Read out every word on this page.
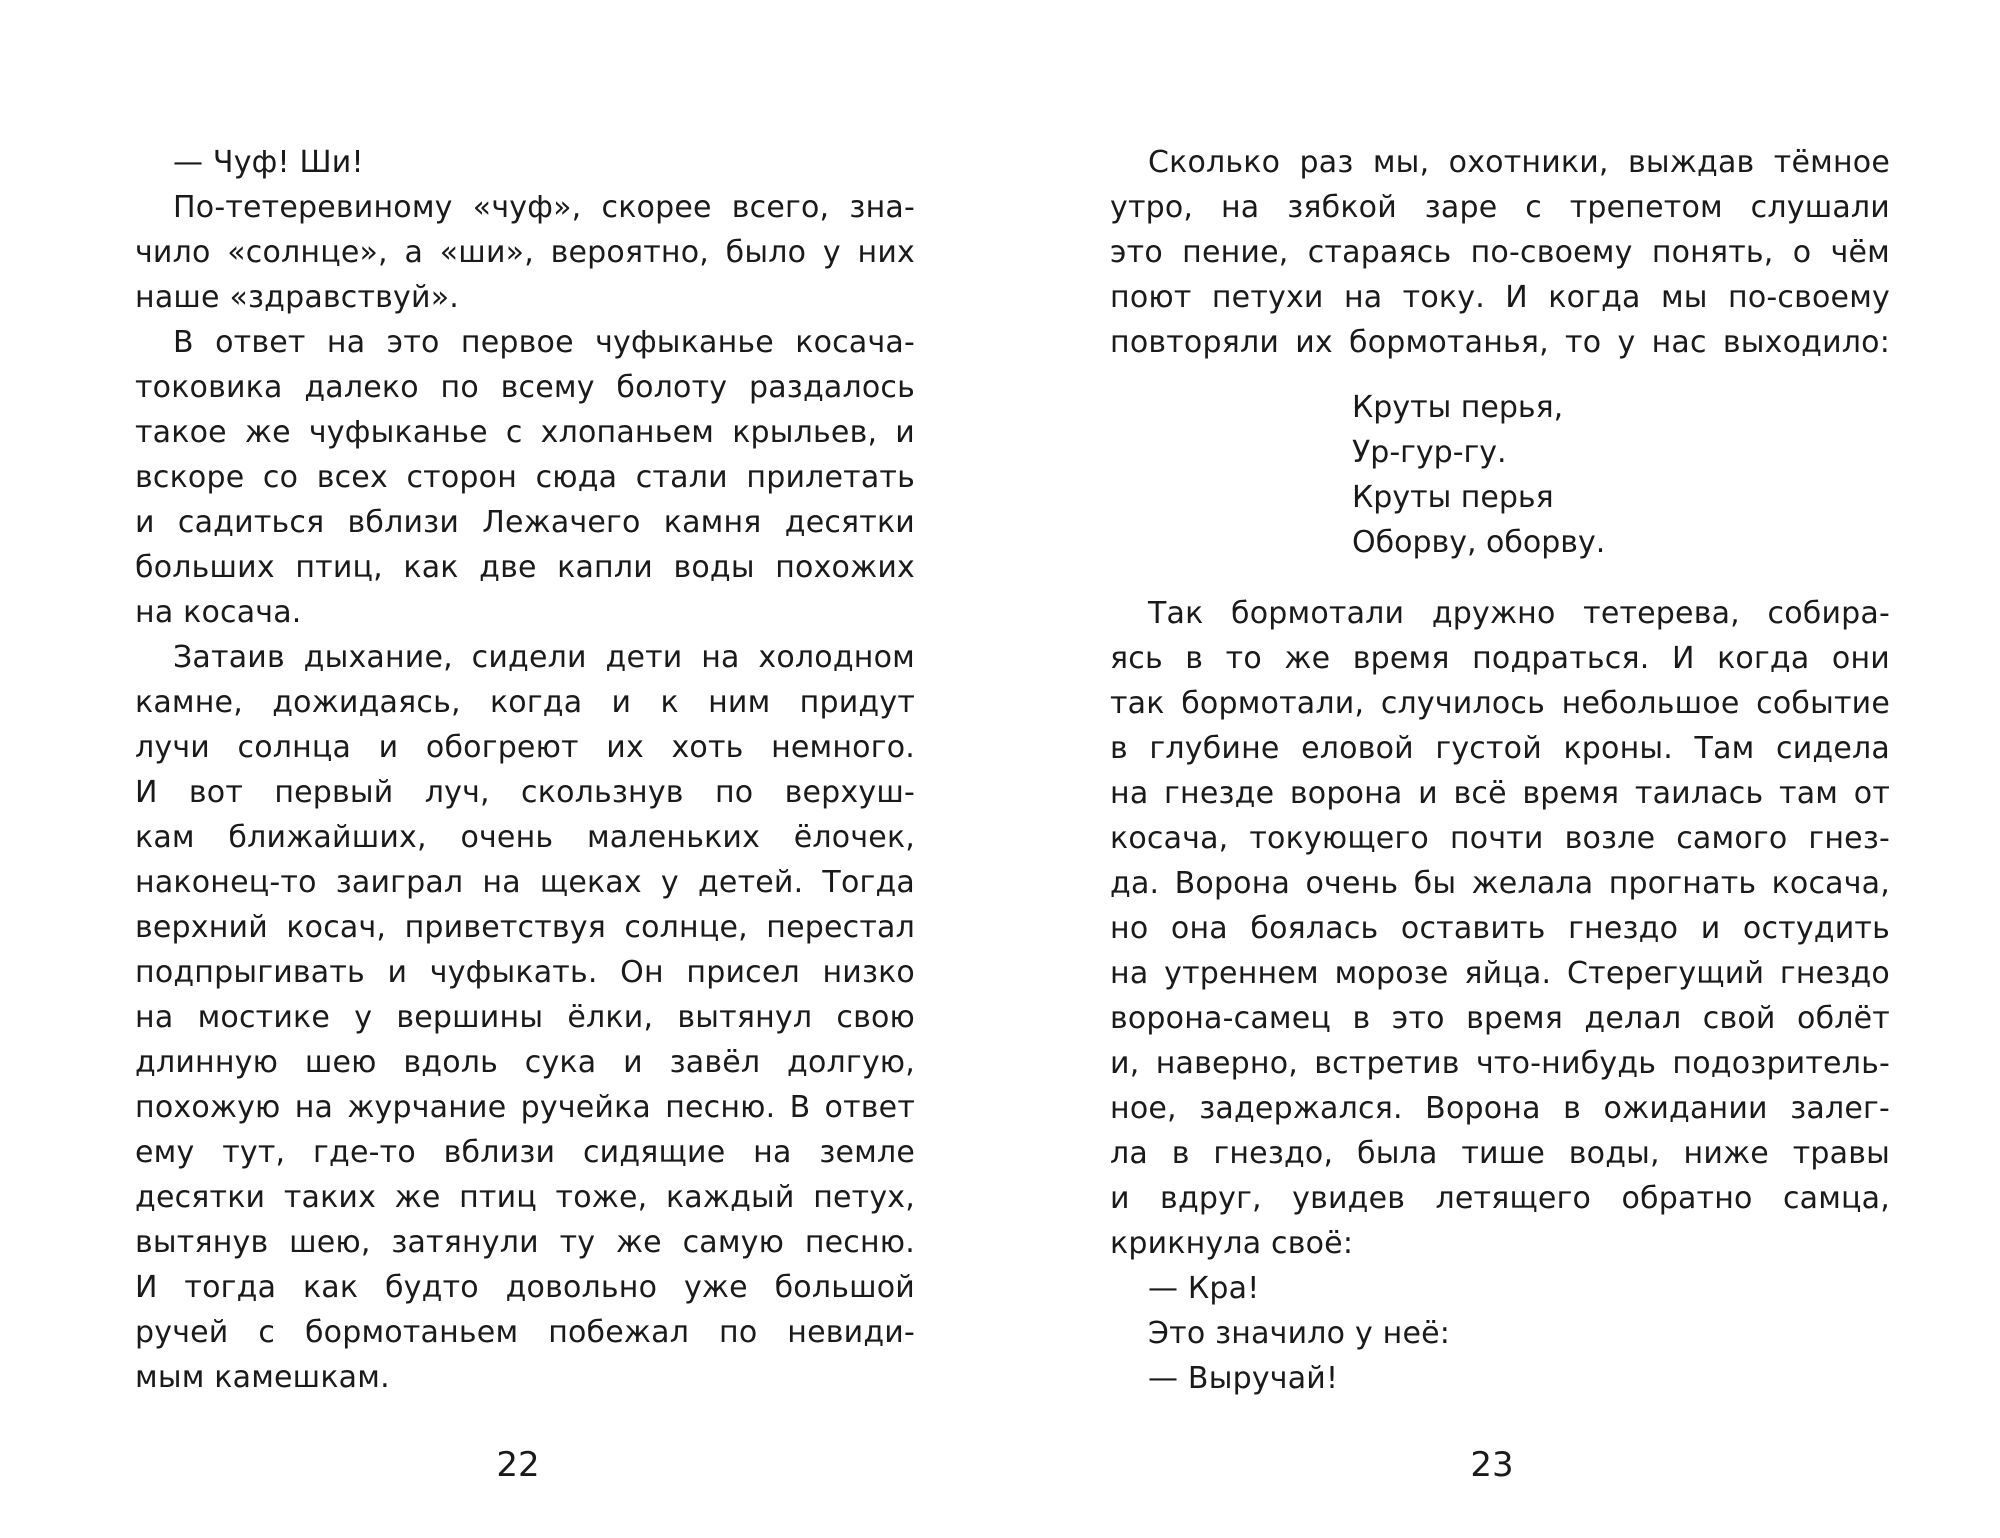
— Чуф! Ши!
По-тетеревиному «чуф», скорее всего, зна-
чило «солнце», а «ши», вероятно, было у них
наше «здравствуй».
В ответ на это первое чуфыканье косача-
токовика далеко по всему болоту раздалось
такое же чуфыканье с хлопаньем крыльев, и
вскоре со всех сторон сюда стали прилетать
и садиться вблизи Лежачего камня десятки
больших птиц, как две капли воды похожих
на косача.
Затаив дыхание, сидели дети на холодном
камне, дожидаясь, когда и к ним придут
лучи солнца и обогреют их хоть немного.
И вот первый луч, скользнув по верхуш-
кам ближайших, очень маленьких ёлочек,
наконец-то заиграл на щеках у детей. Тогда
верхний косач, приветствуя солнце, перестал
подпрыгивать и чуфыкать. Он присел низко
на мостике у вершины ёлки, вытянул свою
длинную шею вдоль сука и завёл долгую,
похожую на журчание ручейка песню. В ответ
ему тут, где-то вблизи сидящие на земле
десятки таких же птиц тоже, каждый петух,
вытянув шею, затянули ту же самую песню.
И тогда как будто довольно уже большой
ручей с бормотаньем побежал по невиди-
мым камешкам.
Сколько раз мы, охотники, выждав тёмное
утро, на зябкой заре с трепетом слушали
это пение, стараясь по-своему понять, о чём
поют петухи на току. И когда мы по-своему
повторяли их бормотанья, то у нас выходило:
Круты перья,
Ур-гур-гу.
Круты перья
Оборву, оборву.
Так бормотали дружно тетерева, собира-
ясь в то же время подраться. И когда они
так бормотали, случилось небольшое событие
в глубине еловой густой кроны. Там сидела
на гнезде ворона и всё время таилась там от
косача, токующего почти возле самого гнез-
да. Ворона очень бы желала прогнать косача,
но она боялась оставить гнездо и остудить
на утреннем морозе яйца. Стерегущий гнездо
ворона-самец в это время делал свой облёт
и, наверно, встретив что-нибудь подозритель-
ное, задержался. Ворона в ожидании залег-
ла в гнездо, была тише воды, ниже травы
и вдруг, увидев летящего обратно самца,
крикнула своё:
— Кра!
Это значило у неё:
— Выручай!
22	23
